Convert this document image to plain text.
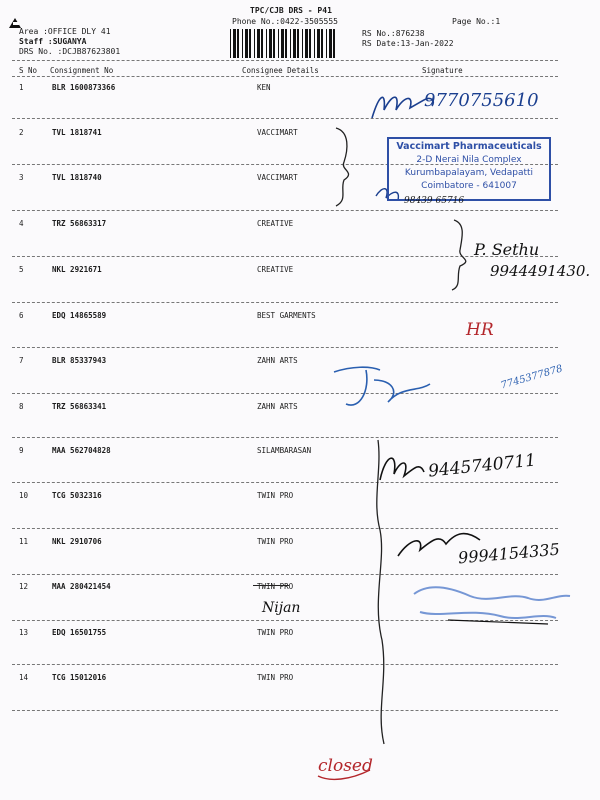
TPC/CJB DRS - P41
Phone No.:0422-3505555	Page No.:1
Area :OFFICE DLY 41
Staff :SUGANYA
DRS No. :DCJB87623801
RS No.:876238
RS Date:13-Jan-2022
S No Consignment No	Consignee Details	Signature
1	BLR 1600873366	KEN
2	TVL 1818741	VACCIMART
3	TVL 1818740	VACCIMART
4	TRZ 56863317	CREATIVE
5	NKL 2921671	CREATIVE
6	EDQ 14865589	BEST GARMENTS
7	BLR 85337943	ZAHN ARTS
8	TRZ 56863341	ZAHN ARTS
9	MAA 562704828	SILAMBARASAN
10	TCG 5032316	TWIN PRO
11	NKL 2910706	TWIN PRO
12	MAA 280421454	TWIN PRO
13	EDQ 16501755	TWIN PRO
14	TCG 15012016	TWIN PRO
9770755610
Vaccimart Pharmaceuticals
2-D Nerai Nila Complex
Kurumbapalayam, Vedapatti
Coimbatore - 641007
98439 65716
P. Sethu
9944491430.
HR
7745377878
9445740711
9994154335
Nijan
closed
